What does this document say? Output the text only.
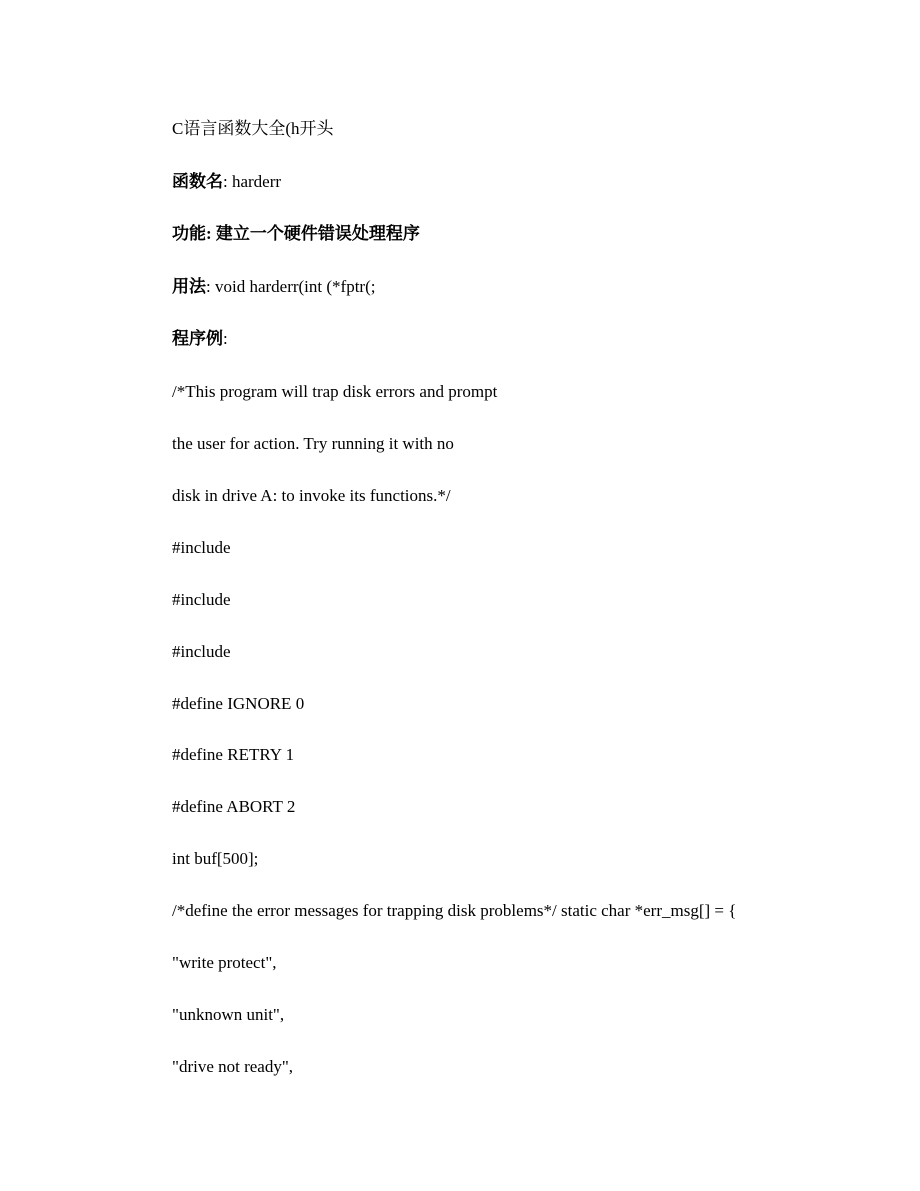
C语言函数大全(h开头
函数名: harderr
功能: 建立一个硬件错误处理程序
用法: void harderr(int (*fptr(;
程序例:
/*This program will trap disk errors and prompt
the user for action. Try running it with no
disk in drive A: to invoke its functions.*/
#include
#include
#include
#define IGNORE 0
#define RETRY 1
#define ABORT 2
int buf[500];
/*define the error messages for trapping disk problems*/ static char *err_msg[] = {
"write protect",
"unknown unit",
"drive not ready",
